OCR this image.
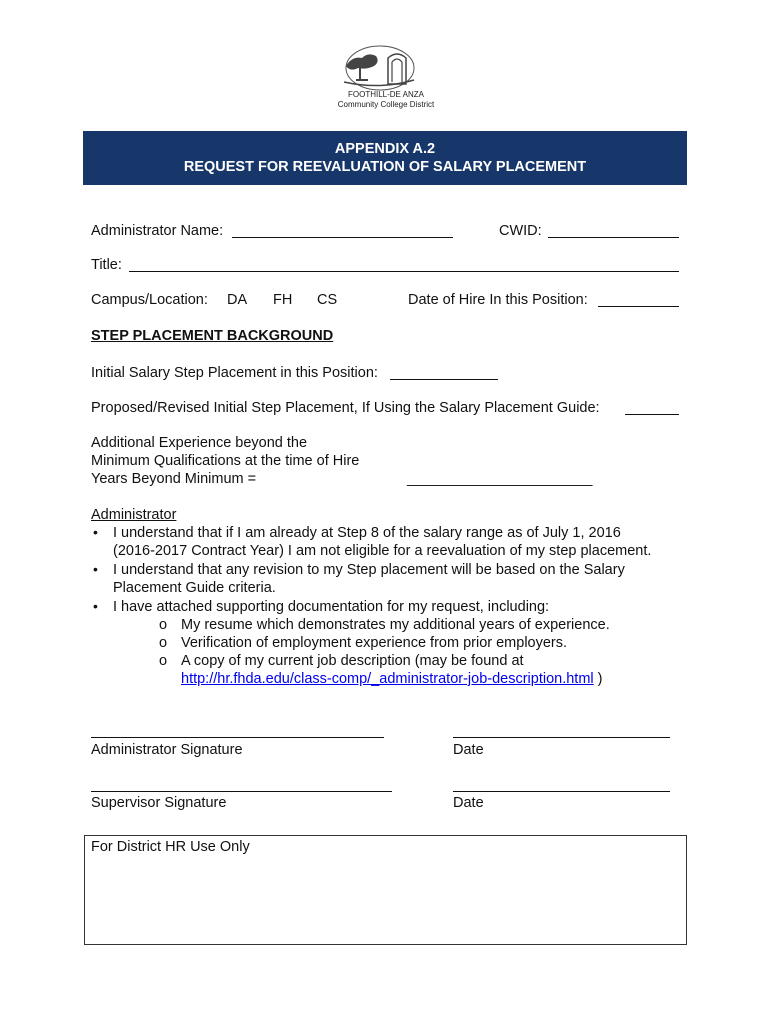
FOOTHILL-DE ANZA
Community College District
APPENDIX A.2
REQUEST FOR REEVALUATION OF SALARY PLACEMENT
Administrator Name:	CWID:
Title:
Campus/Location: DA FH CS	Date of Hire In this Position:
STEP PLACEMENT BACKGROUND
Initial Salary Step Placement in this Position:
Proposed/Revised Initial Step Placement, If Using the Salary Placement Guide:
Additional Experience beyond the
Minimum Qualifications at the time of Hire
Years Beyond Minimum =	_______________________
Administrator
• I understand that if I am already at Step 8 of the salary range as of July 1, 2016
(2016-2017 Contract Year) I am not eligible for a reevaluation of my step placement.
• I understand that any revision to my Step placement will be based on the Salary
Placement Guide criteria.
• I have attached supporting documentation for my request, including:
o My resume which demonstrates my additional years of experience.
o Verification of employment experience from prior employers.
o A copy of my current job description (may be found at
http://hr.fhda.edu/class-comp/_administrator-job-description.html )
Administrator Signature	Date
Supervisor Signature	Date
For District HR Use Only
